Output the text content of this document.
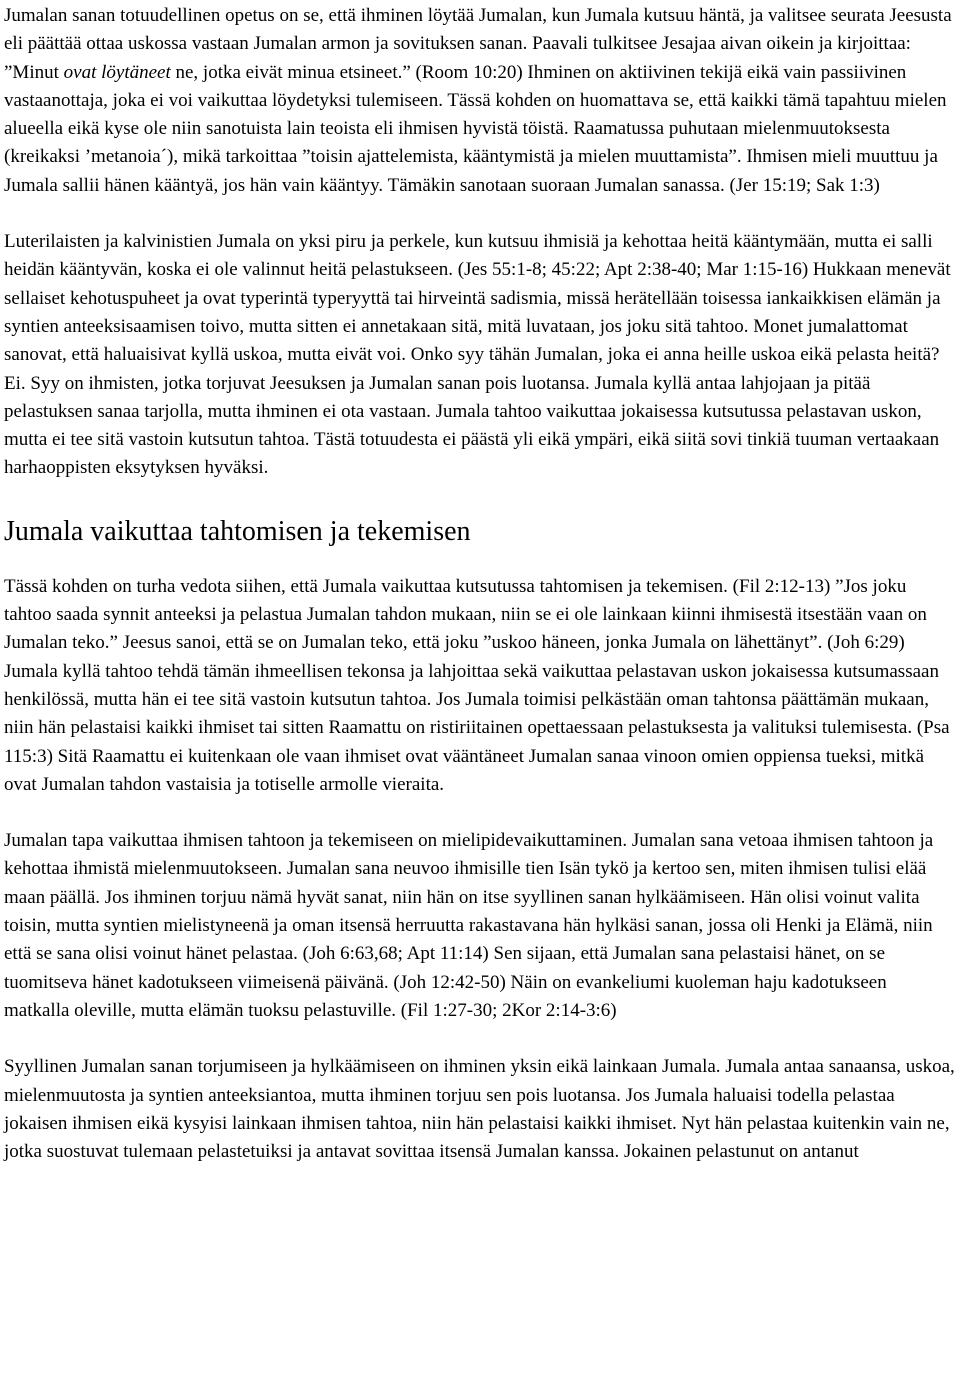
Jumalan sanan totuudellinen opetus on se, että ihminen löytää Jumalan, kun Jumala kutsuu häntä, ja valitsee seurata Jeesusta eli päättää ottaa uskossa vastaan Jumalan armon ja sovituksen sanan. Paavali tulkitsee Jesajaa aivan oikein ja kirjoittaa: ”Minut ovat löytäneet ne, jotka eivät minua etsineet.” (Room 10:20) Ihminen on aktiivinen tekijä eikä vain passiivinen vastaanottaja, joka ei voi vaikuttaa löydetyksi tulemiseen. Tässä kohden on huomattava se, että kaikki tämä tapahtuu mielen alueella eikä kyse ole niin sanotuista lain teoista eli ihmisen hyvistä töistä. Raamatussa puhutaan mielenmuutoksesta (kreikaksi ’metanoia´), mikä tarkoittaa ”toisin ajattelemista, kääntymistä ja mielen muuttamista”. Ihmisen mieli muuttuu ja Jumala sallii hänen kääntyä, jos hän vain kääntyy. Tämäkin sanotaan suoraan Jumalan sanassa. (Jer 15:19; Sak 1:3)

Luterilaisten ja kalvinistien Jumala on yksi piru ja perkele, kun kutsuu ihmisiä ja kehottaa heitä kääntymään, mutta ei salli heidän kääntyvän, koska ei ole valinnut heitä pelastukseen. (Jes 55:1-8; 45:22; Apt 2:38-40; Mar 1:15-16) Hukkaan menevät sellaiset kehotuspuheet ja ovat typerintä typeryyttä tai hirveintä sadismia, missä herätellään toisessa iankaikkisen elämän ja syntien anteeksisaamisen toivo, mutta sitten ei annetakaan sitä, mitä luvataan, jos joku sitä tahtoo. Monet jumalattomat sanovat, että haluaisivat kyllä uskoa, mutta eivät voi. Onko syy tähän Jumalan, joka ei anna heille uskoa eikä pelasta heitä? Ei. Syy on ihmisten, jotka torjuvat Jeesuksen ja Jumalan sanan pois luotansa. Jumala kyllä antaa lahjojaan ja pitää pelastuksen sanaa tarjolla, mutta ihminen ei ota vastaan. Jumala tahtoo vaikuttaa jokaisessa kutsutussa pelastavan uskon, mutta ei tee sitä vastoin kutsutun tahtoa. Tästä totuudesta ei päästä yli eikä ympäri, eikä siitä sovi tinkiä tuuman vertaakaan harhaoppisten eksytyksen hyväksi.

Jumala vaikuttaa tahtomisen ja tekemisen

Tässä kohden on turha vedota siihen, että Jumala vaikuttaa kutsutussa tahtomisen ja tekemisen. (Fil 2:12-13) ”Jos joku tahtoo saada synnit anteeksi ja pelastua Jumalan tahdon mukaan, niin se ei ole lainkaan kiinni ihmisestä itsestään vaan on Jumalan teko.” Jeesus sanoi, että se on Jumalan teko, että joku ”uskoo häneen, jonka Jumala on lähettänyt”. (Joh 6:29) Jumala kyllä tahtoo tehdä tämän ihmeellisen tekonsa ja lahjoittaa sekä vaikuttaa pelastavan uskon jokaisessa kutsumassaan henkilössä, mutta hän ei tee sitä vastoin kutsutun tahtoa. Jos Jumala toimisi pelkästään oman tahtonsa päättämän mukaan, niin hän pelastaisi kaikki ihmiset tai sitten Raamattu on ristiriitainen opettaessaan pelastuksesta ja valituksi tulemisesta. (Psa 115:3) Sitä Raamattu ei kuitenkaan ole vaan ihmiset ovat vääntäneet Jumalan sanaa vinoon omien oppiensa tueksi, mitkä ovat Jumalan tahdon vastaisia ja totiselle armolle vieraita.

Jumalan tapa vaikuttaa ihmisen tahtoon ja tekemiseen on mielipidevaikuttaminen. Jumalan sana vetoaa ihmisen tahtoon ja kehottaa ihmistä mielenmuutokseen. Jumalan sana neuvoo ihmisille tien Isän tykö ja kertoo sen, miten ihmisen tulisi elää maan päällä. Jos ihminen torjuu nämä hyvät sanat, niin hän on itse syyllinen sanan hylkäämiseen. Hän olisi voinut valita toisin, mutta syntien mielistyneenä ja oman itsensä herruutta rakastavana hän hylkäsi sanan, jossa oli Henki ja Elämä, niin että se sana olisi voinut hänet pelastaa. (Joh 6:63,68; Apt 11:14) Sen sijaan, että Jumalan sana pelastaisi hänet, on se tuomitseva hänet kadotukseen viimeisenä päivänä. (Joh 12:42-50) Näin on evankeliumi kuoleman haju kadotukseen matkalla oleville, mutta elämän tuoksu pelastuville. (Fil 1:27-30; 2Kor 2:14-3:6)

Syyllinen Jumalan sanan torjumiseen ja hylkäämiseen on ihminen yksin eikä lainkaan Jumala. Jumala antaa sanaansa, uskoa, mielenmuutosta ja syntien anteeksiantoa, mutta ihminen torjuu sen pois luotansa. Jos Jumala haluaisi todella pelastaa jokaisen ihmisen eikä kysyisi lainkaan ihmisen tahtoa, niin hän pelastaisi kaikki ihmiset. Nyt hän pelastaa kuitenkin vain ne, jotka suostuvat tulemaan pelastetuiksi ja antavat sovittaa itsensä Jumalan kanssa. Jokainen pelastunut on antanut
